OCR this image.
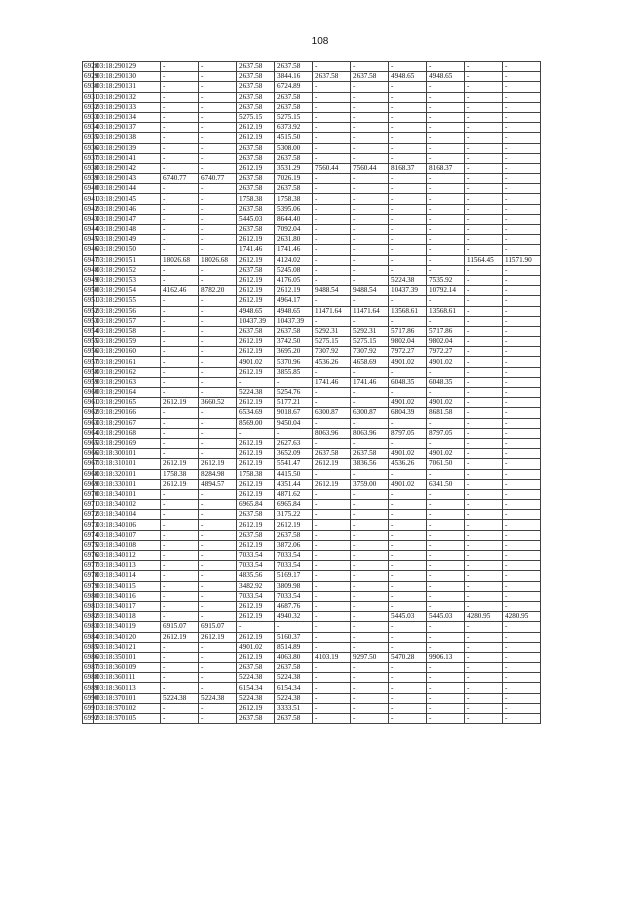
108
6928	03:18:290129	-	-	2637.58	2637.58	-	-	-	-	-	-
6929	03:18:290130	-	-	2637.58	3844.16	2637.58	2637.58	4948.65	4948.65	-	-
6930	03:18:290131	-	-	2637.58	6724.89	-	-	-	-	-	-
6931	03:18:290132	-	-	2637.58	2637.58	-	-	-	-	-	-
6932	03:18:290133	-	-	2637.58	2637.58	-	-	-	-	-	-
6933	03:18:290134	-	-	5275.15	5275.15	-	-	-	-	-	-
6934	03:18:290137	-	-	2612.19	6373.92	-	-	-	-	-	-
6935	03:18:290138	-	-	2612.19	4515.50	-	-	-	-	-	-
6936	03:18:290139	-	-	2637.58	5308.00	-	-	-	-	-	-
6937	03:18:290141	-	-	2637.58	2637.58	-	-	-	-	-	-
6938	03:18:290142	-	-	2612.19	3531.29	7560.44	7560.44	8168.37	8168.37	-	-
6939	03:18:290143	6740.77	6740.77	2637.58	7026.19	-	-	-	-	-	-
6940	03:18:290144	-	-	2637.58	2637.58	-	-	-	-	-	-
6941	03:18:290145	-	-	1758.38	1758.38	-	-	-	-	-	-
6942	03:18:290146	-	-	2637.58	5395.06	-	-	-	-	-	-
6943	03:18:290147	-	-	5445.03	8644.40	-	-	-	-	-	-
6944	03:18:290148	-	-	2637.58	7092.04	-	-	-	-	-	-
6945	03:18:290149	-	-	2612.19	2631.80	-	-	-	-	-	-
6946	03:18:290150	-	-	1741.46	1741.46	-	-	-	-	-	-
6947	03:18:290151	18026.68	18026.68	2612.19	4124.02	-	-	-	-	11564.45	11571.90
6948	03:18:290152	-	-	2637.58	5245.08	-	-	-	-	-	-
6949	03:18:290153	-	-	2612.19	4176.05	-	-	5224.38	7535.92	-	-
6950	03:18:290154	4162.46	8782.20	2612.19	2612.19	9488.54	9488.54	10437.39	10792.14	-	-
6951	03:18:290155	-	-	2612.19	4964.17	-	-	-	-	-	-
6952	03:18:290156	-	-	4948.65	4948.65	11471.64	11471.64	13568.61	13568.61	-	-
6953	03:18:290157	-	-	10437.39	10437.39	-	-	-	-	-	-
6954	03:18:290158	-	-	2637.58	2637.58	5292.31	5292.31	5717.86	5717.86	-	-
6955	03:18:290159	-	-	2612.19	3742.50	5275.15	5275.15	9802.04	9802.04	-	-
6956	03:18:290160	-	-	2612.19	3695.20	7307.92	7307.92	7972.27	7972.27	-	-
6957	03:18:290161	-	-	4901.02	5370.96	4536.26	4658.69	4901.02	4901.02	-	-
6958	03:18:290162	-	-	2612.19	3855.85	-	-	-	-	-	-
6959	03:18:290163	-	-	-	-	1741.46	1741.46	6048.35	6048.35	-	-
6960	03:18:290164	-	-	5224.38	5254.76	-	-	-	-	-	-
6961	03:18:290165	2612.19	3660.52	2612.19	5177.21	-	-	4901.02	4901.02	-	-
6962	03:18:290166	-	-	6534.69	9018.67	6300.87	6300.87	6804.39	8681.58	-	-
6963	03:18:290167	-	-	8569.00	9450.04	-	-	-	-	-	-
6964	03:18:290168	-	-	-	-	8063.96	8063.96	8797.05	8797.05	-	-
6965	03:18:290169	-	-	2612.19	2627.63	-	-	-	-	-	-
6966	03:18:300101	-	-	2612.19	3652.09	2637.58	2637.58	4901.02	4901.02	-	-
6967	03:18:310101	2612.19	2612.19	2612.19	5541.47	2612.19	3836.56	4536.26	7061.50	-	-
6968	03:18:320101	1758.38	8284.98	1758.38	4415.50	-	-	-	-	-	-
6969	03:18:330101	2612.19	4894.57	2612.19	4351.44	2612.19	3759.00	4901.02	6341.50	-	-
6970	03:18:340101	-	-	2612.19	4871.62	-	-	-	-	-	-
6971	03:18:340102	-	-	6965.84	6965.84	-	-	-	-	-	-
6972	03:18:340104	-	-	2637.58	3175.22	-	-	-	-	-	-
6973	03:18:340106	-	-	2612.19	2612.19	-	-	-	-	-	-
6974	03:18:340107	-	-	2637.58	2637.58	-	-	-	-	-	-
6975	03:18:340108	-	-	2612.19	3872.06	-	-	-	-	-	-
6976	03:18:340112	-	-	7033.54	7033.54	-	-	-	-	-	-
6977	03:18:340113	-	-	7033.54	7033.54	-	-	-	-	-	-
6978	03:18:340114	-	-	4835.56	5169.17	-	-	-	-	-	-
6979	03:18:340115	-	-	3482.92	3809.98	-	-	-	-	-	-
6980	03:18:340116	-	-	7033.54	7033.54	-	-	-	-	-	-
6981	03:18:340117	-	-	2612.19	4687.76	-	-	-	-	-	-
6982	03:18:340118	-	-	2612.19	4940.32	-	-	5445.03	5445.03	4280.95	4280.95
6983	03:18:340119	6915.07	6915.07	-	-	-	-	-	-	-	-
6984	03:18:340120	2612.19	2612.19	2612.19	5160.37	-	-	-	-	-	-
6985	03:18:340121	-	-	4901.02	8514.89	-	-	-	-	-	-
6986	03:18:350101	-	-	2612.19	4063.80	4103.19	9297.50	5470.28	9906.13	-	-
6987	03:18:360109	-	-	2637.58	2637.58	-	-	-	-	-	-
6988	03:18:360111	-	-	5224.38	5224.38	-	-	-	-	-	-
6989	03:18:360113	-	-	6154.34	6154.34	-	-	-	-	-	-
6990	03:18:370101	5224.38	5224.38	5224.38	5224.38	-	-	-	-	-	-
6991	03:18:370102	-	-	2612.19	3333.51	-	-	-	-	-	-
6992	03:18:370105	-	-	2637.58	2637.58	-	-	-	-	-	-
